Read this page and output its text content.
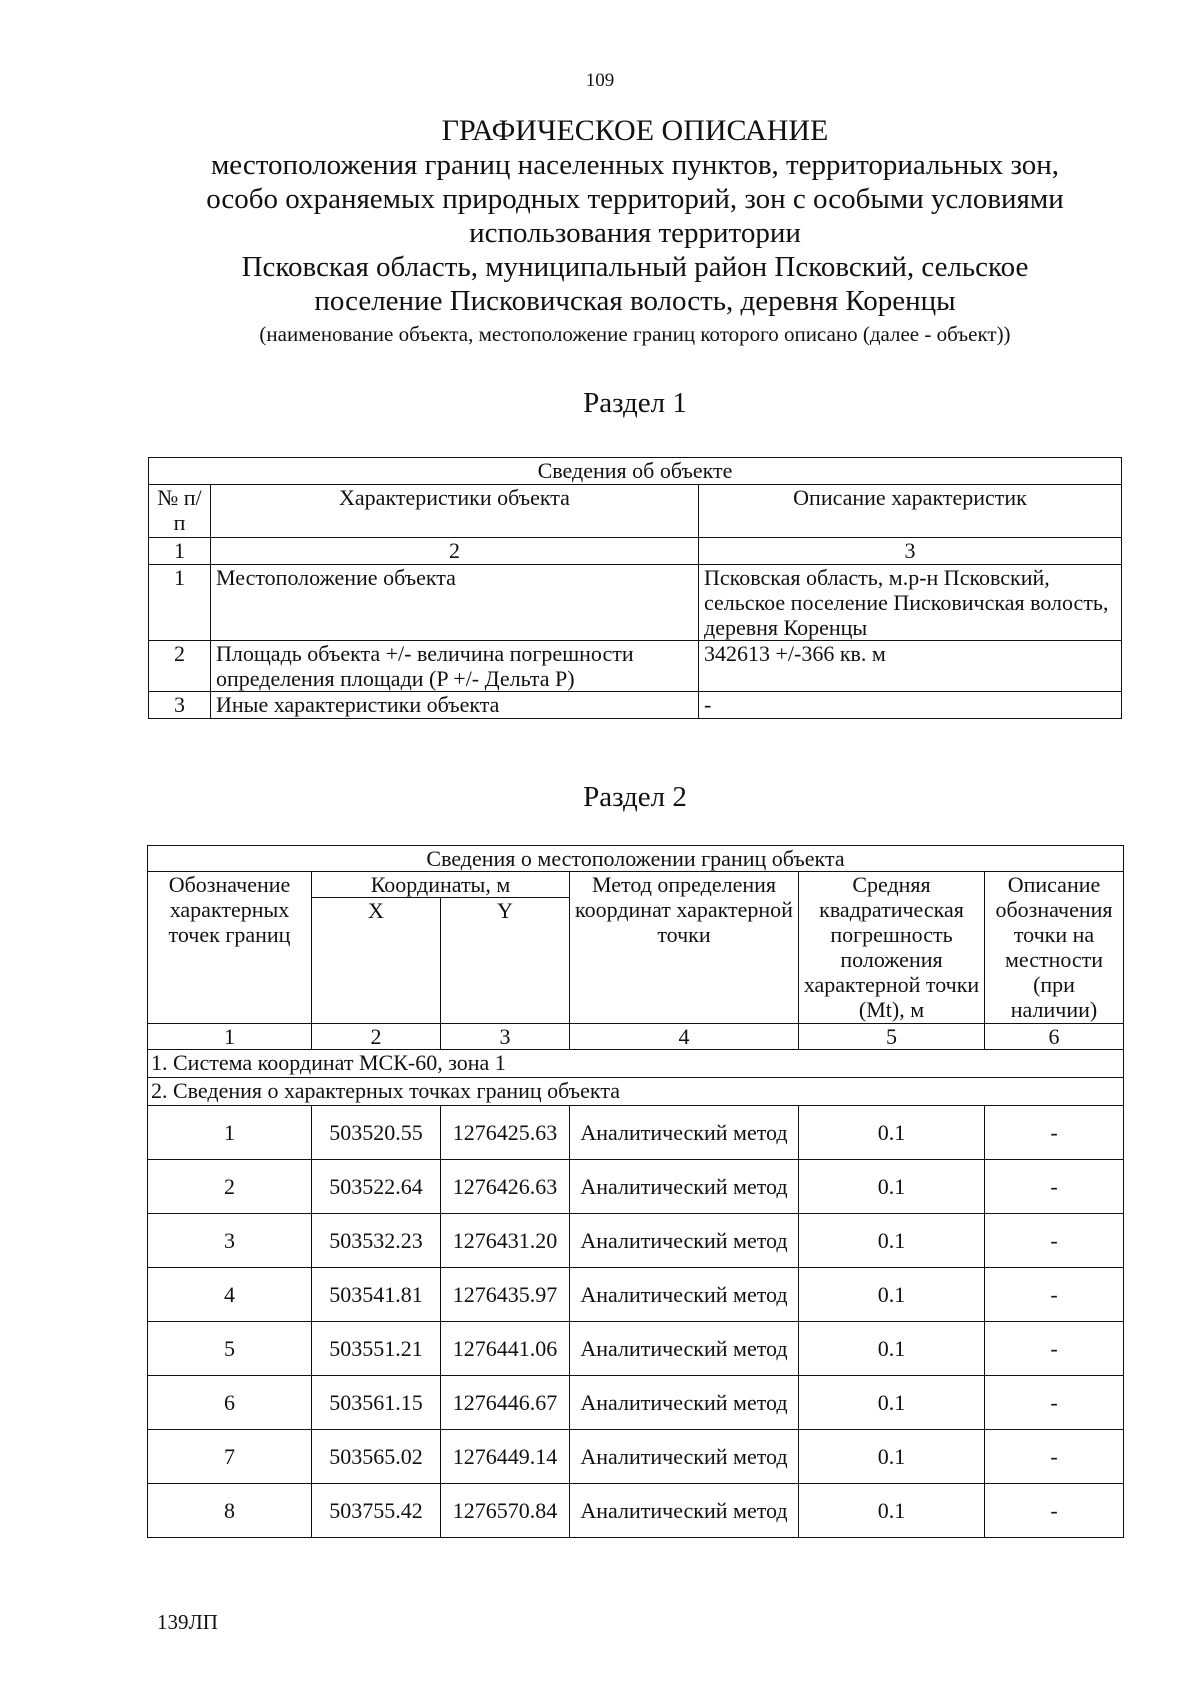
109
ГРАФИЧЕСКОЕ ОПИСАНИЕ
местоположения границ населенных пунктов, территориальных зон,
особо охраняемых природных территорий, зон с особыми условиями
использования территории
Псковская область, муниципальный район Псковский, сельское
поселение Писковичская волость, деревня Коренцы
(наименование объекта, местоположение границ которого описано (далее - объект))
Раздел 1
Сведения об объекте		
№ п/п	Характеристики объекта	Описание характеристик
1	2	3
1	Местоположение объекта	Псковская область, м.р-н Псковский, сельское поселение Писковичская волость, деревня Коренцы
2	Площадь объекта +/- величина погрешности определения площади (P +/- Дельта P)	342613 +/-366 кв. м
3	Иные характеристики объекта	-
Раздел 2
Сведения о местоположении границ объекта					
Обозначение характерных точек границ	Координаты, м		Метод определения координат характерной точки	Средняя квадратическая погрешность положения характерной точки (Mt), м	Описание обозначения точки на местности (при наличии)
	X	Y			
1	2	3	4	5	6
1. Система координат МСК-60, зона 1					
2. Сведения о характерных точках границ объекта					
1	503520.55	1276425.63	Аналитический метод	0.1	-
2	503522.64	1276426.63	Аналитический метод	0.1	-
3	503532.23	1276431.20	Аналитический метод	0.1	-
4	503541.81	1276435.97	Аналитический метод	0.1	-
5	503551.21	1276441.06	Аналитический метод	0.1	-
6	503561.15	1276446.67	Аналитический метод	0.1	-
7	503565.02	1276449.14	Аналитический метод	0.1	-
8	503755.42	1276570.84	Аналитический метод	0.1	-
139ЛП
